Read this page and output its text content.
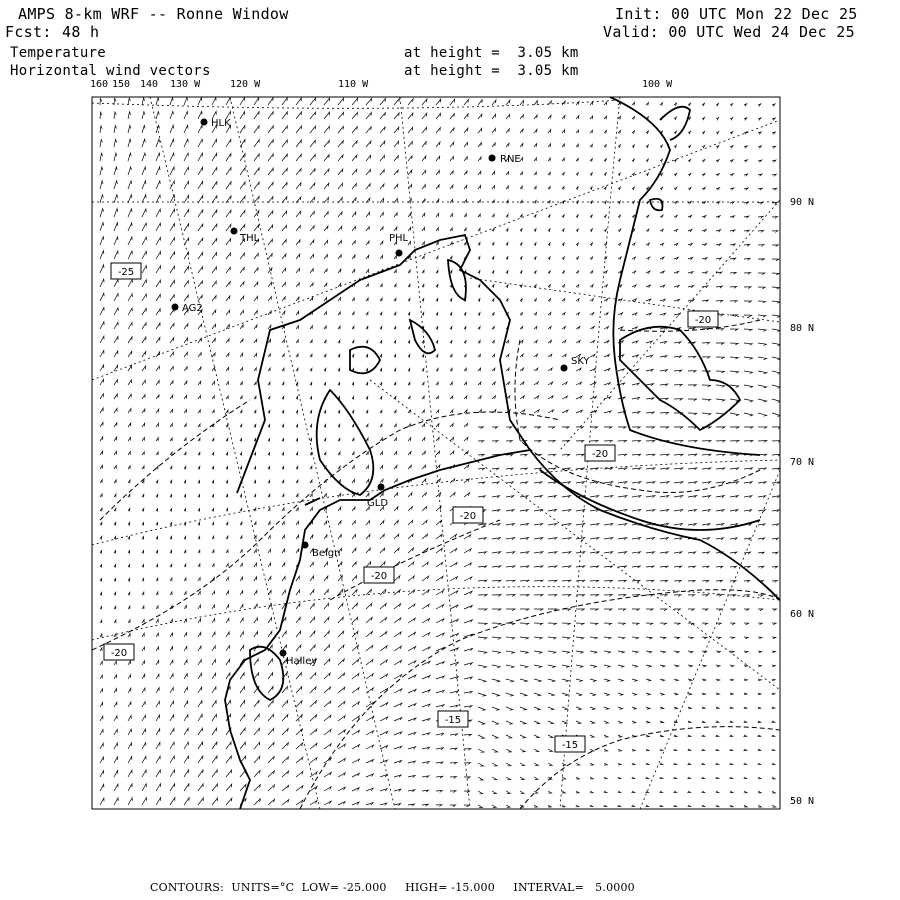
AMPS 8-km WRF -- Ronne Window
Fcst: 48 h
Temperature
Horizontal wind vectors
at height =  3.05 km
at height =  3.05 km
Init: 00 UTC Mon 22 Dec 25
Valid: 00 UTC Wed 24 Dec 25
160 150 140 130 W	120 W	110 W	100 W
90 N
80 N
70 N
60 N
50 N
HLK
RNE
THL	PHL
AG2
SKY
GLD
Belgn
Halley
-25
-20
-20
-20
-20
-20
-15
-15
CONTOURS:  UNITS=°C  LOW= -25.000     HIGH= -15.000     INTERVAL=   5.0000
